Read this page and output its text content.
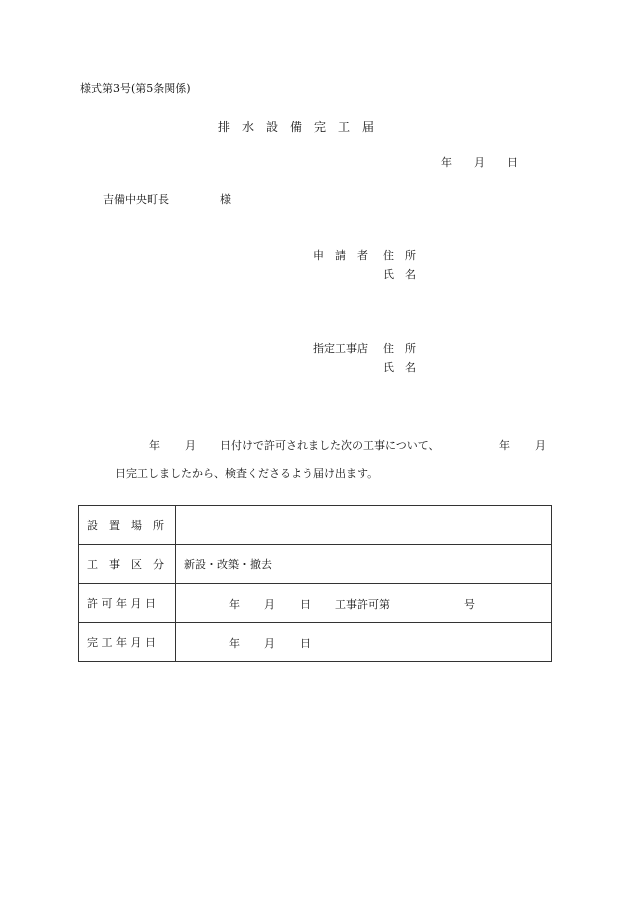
様式第3号(第5条関係)
排　水　設　備　完　工　届
年　　月　　日
吉備中央町長	様
申　請　者 住　所
氏　名
指定工事店 住　所
氏　名
年 月 日付けで許可されました次の工事について、	年 月
日完工しましたから、検査くださるよう届け出ます。
設　置　場　所	
工　事　区　分	新設・改築・撤去
許 可 年 月 日	年 月 日 工事許可第 号

完 工 年 月 日	年 月 日
